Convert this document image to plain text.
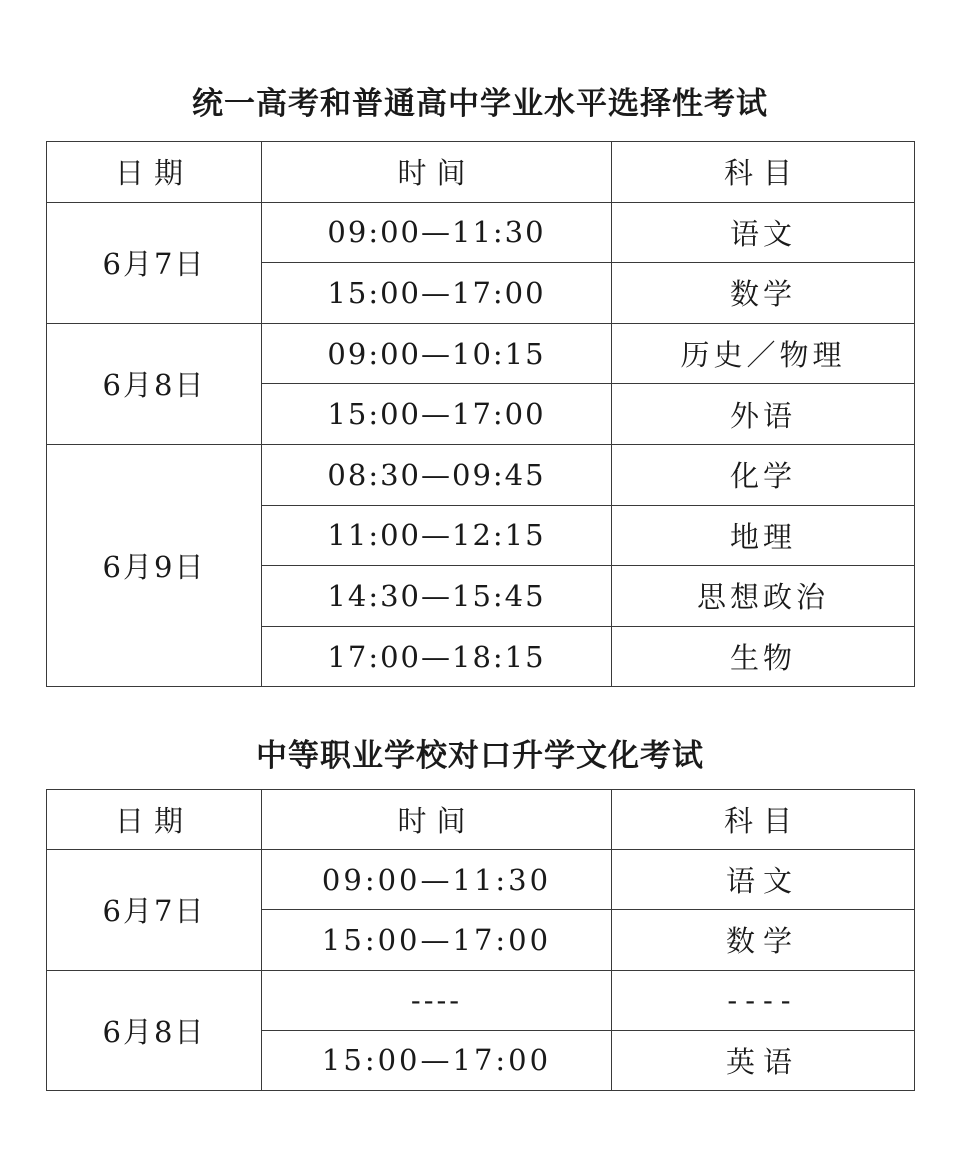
统一高考和普通高中学业水平选择性考试
日期	时间	科目
6月7日	09:00—11:30	语文
	15:00—17:00	数学
6月8日	09:00—10:15	历史／物理
	15:00—17:00	外语
6月9日	08:30—09:45	化学
	11:00—12:15	地理
	14:30—15:45	思想政治
	17:00—18:15	生物
中等职业学校对口升学文化考试
日期	时间	科目
6月7日	09:00—11:30	语文
	15:00—17:00	数学
6月8日	----	----
	15:00—17:00	英语
